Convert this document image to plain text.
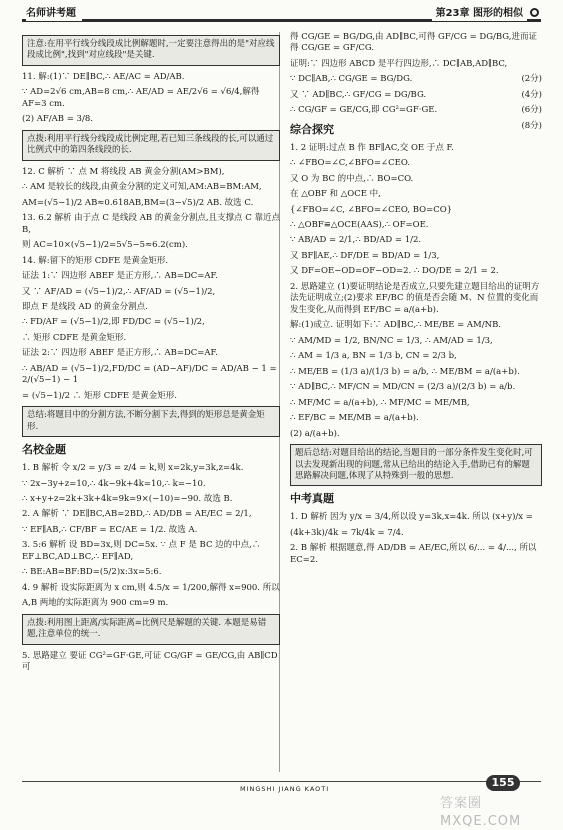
名师讲考题	第23章 图形的相似
注意:在用平行线分线段成比例解题时,一定要注意得出的是"对应线段成比例",找到"对应线段"是关键.

11. 解:(1)∵ DE∥BC,∴ AE/AC = AD/AB.

∵ AD=2√6 cm,AB=8 cm,∴ AE/AD = AE/2√6 = √6/4,解得 AF=3 cm.

(2) AF/AB = 3/8.

点拨:利用平行线分线段成比例定理,若已知三条线段的长,可以通过比例式中的第四条线段的长.

12. C 解析 ∵ 点 M 将线段 AB 黄金分割(AM>BM),

∴ AM 是较长的线段,由黄金分割的定义可知,AM:AB=BM:AM,

AM=(√5−1)/2 AB≈0.618AB,BM=(3−√5)/2 AB. 故选 C.

13. 6.2 解析 由于点 C 是线段 AB 的黄金分割点,且支撑点 C 靠近点 B,

则 AC=10×(√5−1)/2=5√5−5≈6.2(cm).

14. 解:留下的矩形 CDFE 是黄金矩形.

证法 1:∵ 四边形 ABEF 是正方形,∴ AB=DC=AF.

又 ∵ AF/AD = (√5−1)/2,∴ AF/AD = (√5−1)/2,

即点 F 是线段 AD 的黄金分割点.

∴ FD/AF = (√5−1)/2,即 FD/DC = (√5−1)/2,

∴ 矩形 CDFE 是黄金矩形.

证法 2:∵ 四边形 ABEF 是正方形,∴ AB=DC=AF.

∴ AB/AD = (√5−1)/2,FD/DC = (AD−AF)/DC = AD/AB − 1 = 2/(√5−1) − 1

= (√5−1)/2 ∴ 矩形 CDFE 是黄金矩形.

总结:将题目中的分割方法,不断分割下去,得到的矩形总是黄金矩形.
名校金题

1. B 解析 令 x/2 = y/3 = z/4 = k,则 x=2k,y=3k,z=4k.

∵ 2x−3y+z=10,∴ 4k−9k+4k=10,∴ k=−10.

∴ x+y+z=2k+3k+4k=9k=9×(−10)=−90. 故选 B.

2. A 解析 ∵ DE∥BC,AB=2BD,∴ AD/DB = AE/EC = 2/1,

∵ EF∥AB,∴ CF/BF = EC/AE = 1/2. 故选 A.

3. 5:6 解析 设 BD=3x,则 DC=5x. ∵ 点 F 是 BC 边的中点,∴ EF⊥BC,AD⊥BC,∴ EF∥AD,

∴ BE:AB=BF:BD=(5/2)x:3x=5:6.

4. 9 解析 设实际距离为 x cm,则 4.5/x = 1/200,解得 x=900. 所以

A,B 两地的实际距离为 900 cm=9 m.

点拨:利用图上距离/实际距离=比例尺是解题的关键. 本题是易错题,注意单位的统一.

5. 思路建立 要证 CG²=GF·GE,可证 CG/GF = GE/CG,由 AB∥CD 可

得 CG/GE = BG/DG,由 AD∥BC,可得 GF/CG = DG/BG,进而证得 CG/GE = GF/CG.

证明:∵ 四边形 ABCD 是平行四边形,∴ DC∥AB,AD∥BC,

∵ DC∥AB,∴ CG/GE = BG/DG.	(2分)

又 ∵ AD∥BC,∴ GF/CG = DG/BG.	(4分)

∴ CG/GF = GE/CG,即 CG²=GF·GE.	(6分)

(8分)

综合探究

1. 2 证明:过点 B 作 BF∥AC,交 OE 于点 F.

∴ ∠FBO=∠C,∠BFO=∠CEO.

又 O 为 BC 的中点,∴ BO=CO.

在 △OBF 和 △OCE 中,

{∠FBO=∠C, ∠BFO=∠CEO, BO=CO}

∴ △OBF≌△OCE(AAS),∴ OF=OE.

∵ AB/AD = 2/1,∴ BD/AD = 1/2.

又 BF∥AE,∴ DF/DE = BD/AD = 1/3,

又 DF=OE−OD=OF−OD=2. ∴ DO/DE = 2/1 = 2.

2. 思路建立 (1)要证明结论是否成立,只要先建立题目给出的证明方法先证明成立;(2)要求 EF/BC 的值是否会随 M、N 位置的变化而发生变化,从而得到 EF/BC = a/(a+b).

解:(1)成立. 证明如下:∵ AD∥BC,∴ ME/BE = AM/NB.

∵ AM/MD = 1/2, BN/NC = 1/3, ∴ AM/AD = 1/3,

∴ AM = 1/3 a, BN = 1/3 b, CN = 2/3 b,

∴ ME/EB = (1/3 a)/(1/3 b) = a/b, ∴ ME/BM = a/(a+b).

∵ AD∥BC,∴ MF/CN = MD/CN = (2/3 a)/(2/3 b) = a/b.

∴ MF/MC = a/(a+b), ∴ MF/MC = ME/MB,

∴ EF/BC = ME/MB = a/(a+b).

(2) a/(a+b).

题后总结:对题目给出的结论,当题目的一部分条件发生变化时,可以去发现新出现的问题,常从已给出的结论入手,借助已有的解题思路解决问题,体现了从特殊到一般的思想.
中考真题

1. D 解析 因为 y/x = 3/4,所以设 y=3k,x=4k. 所以 (x+y)/x =

(4k+3k)/4k = 7k/4k = 7/4.

2. B 解析 根据题意,得 AD/DB = AE/EC,所以 6/... = 4/..., 所以 EC=2.

MINGSHI JIANG KAOTI	155
答案圈 MXQE.COM
